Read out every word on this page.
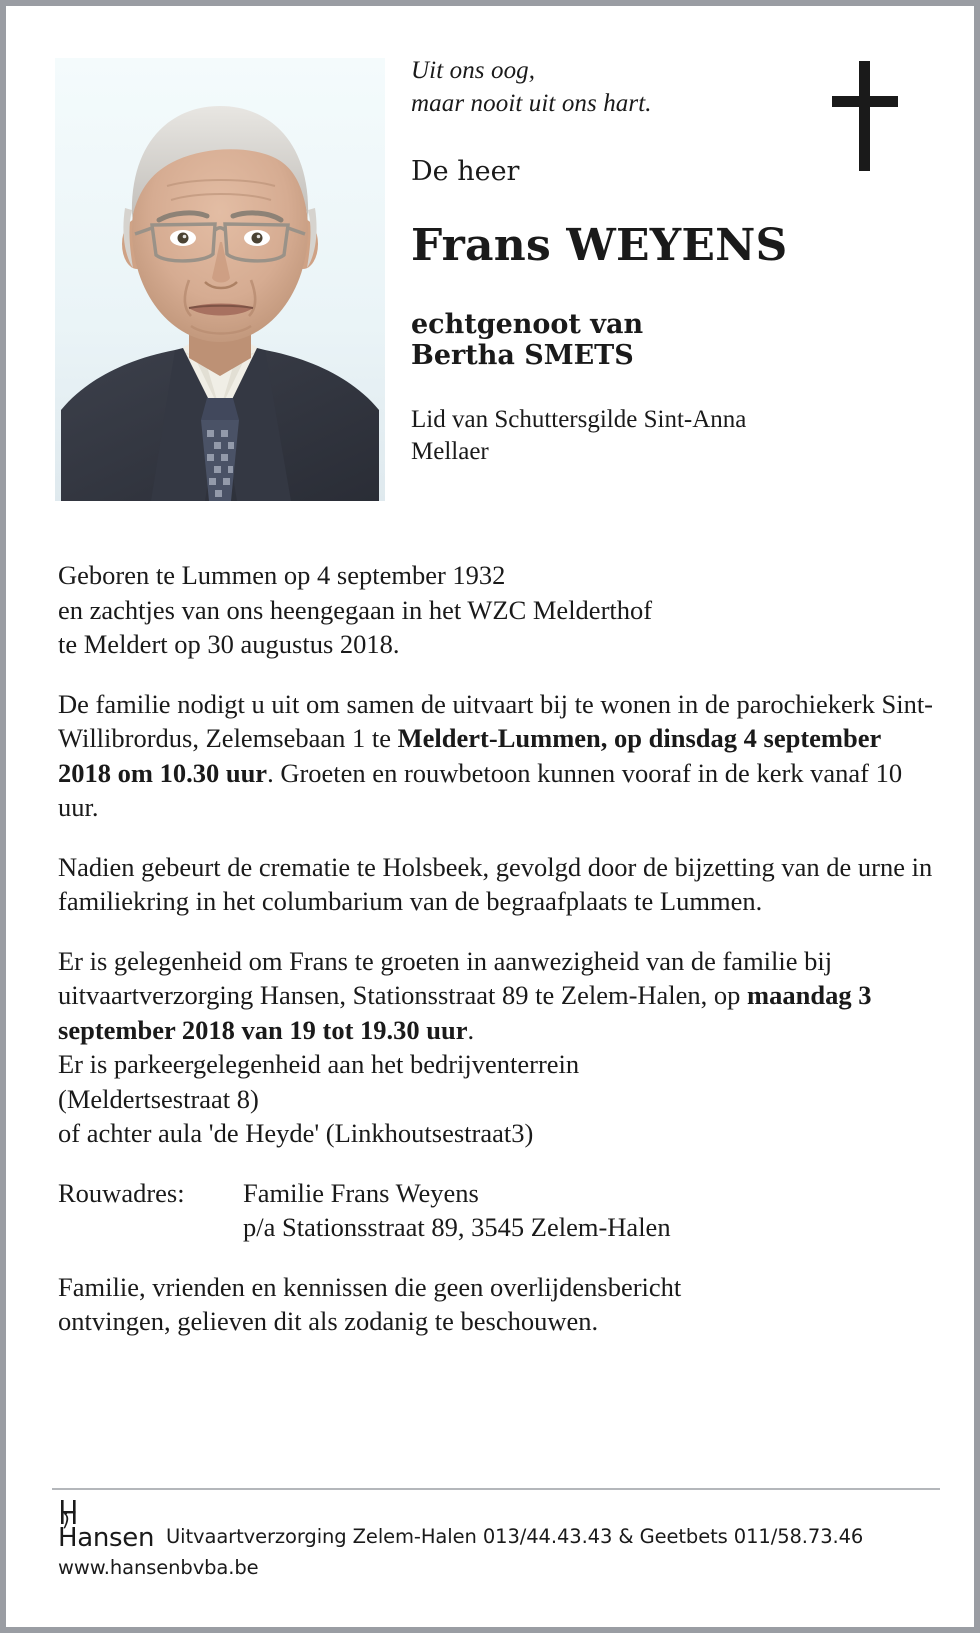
Uit ons oog,
maar nooit uit ons hart.
De heer
Frans WEYENS
echtgenoot van
Bertha SMETS
Lid van Schuttersgilde Sint-Anna
Mellaer

Geboren te Lummen op 4 september 1932
en zachtjes van ons heengegaan in het WZC Melderthof
te Meldert op 30 augustus 2018.

De familie nodigt u uit om samen de uitvaart bij te wonen in de parochiekerk Sint-Willibrordus, Zelemsebaan 1 te Meldert-Lummen, op dinsdag 4 september 2018 om 10.30 uur. Groeten en rouwbetoon kunnen vooraf in de kerk vanaf 10 uur.

Nadien gebeurt de crematie te Holsbeek, gevolgd door de bijzetting van de urne in familiekring in het columbarium van de begraafplaats te Lummen.

Er is gelegenheid om Frans te groeten in aanwezigheid van de familie bij uitvaartverzorging Hansen, Stationsstraat 89 te Zelem-Halen, op maandag 3 september 2018 van 19 tot 19.30 uur.
Er is parkeergelegenheid aan het bedrijventerrein
(Meldertsestraat 8)
of achter aula 'de Heyde' (Linkhoutsestraat3)

Rouwadres:	Familie Frans Weyens
p/a Stationsstraat 89, 3545 Zelem-Halen

Familie, vrienden en kennissen die geen overlijdensbericht
ontvingen, gelieven dit als zodanig te beschouwen.

Hansen Uitvaartverzorging Zelem-Halen 013/44.43.43 & Geetbets 011/58.73.46
www.hansenbvba.be
